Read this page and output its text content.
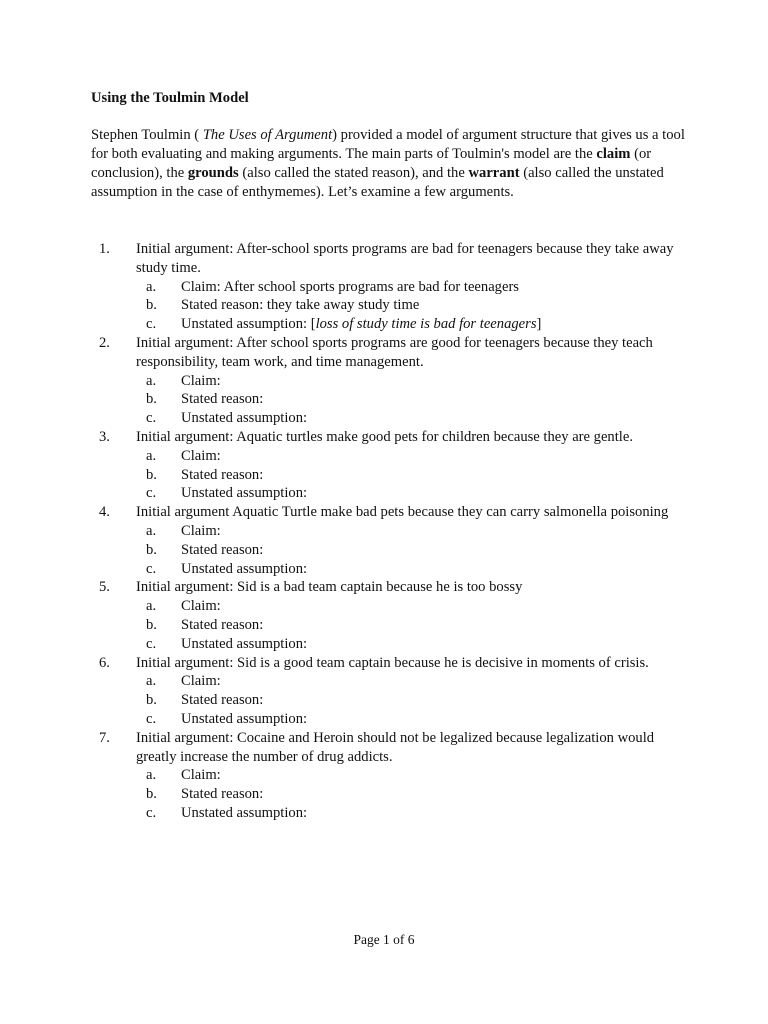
Using the Toulmin Model

Stephen Toulmin ( The Uses of Argument) provided a model of argument structure that gives us a tool for both evaluating and making arguments. The main parts of Toulmin's model are the claim (or conclusion), the grounds (also called the stated reason), and the warrant (also called the unstated assumption in the case of enthymemes). Let’s examine a few arguments.

1. Initial argument: After-school sports programs are bad for teenagers because they take away study time.
a. Claim: After school sports programs are bad for teenagers
b. Stated reason: they take away study time
c. Unstated assumption: [loss of study time is bad for teenagers]
2. Initial argument: After school sports programs are good for teenagers because they teach responsibility, team work, and time management.
a. Claim:
b. Stated reason:
c. Unstated assumption:
3. Initial argument: Aquatic turtles make good pets for children because they are gentle.
a. Claim:
b. Stated reason:
c. Unstated assumption:
4. Initial argument Aquatic Turtle make bad pets because they can carry salmonella poisoning
a. Claim:
b. Stated reason:
c. Unstated assumption:
5. Initial argument: Sid is a bad team captain because he is too bossy
a. Claim:
b. Stated reason:
c. Unstated assumption:
6. Initial argument: Sid is a good team captain because he is decisive in moments of crisis.
a. Claim:
b. Stated reason:
c. Unstated assumption:
7. Initial argument: Cocaine and Heroin should not be legalized because legalization would greatly increase the number of drug addicts.
a. Claim:
b. Stated reason:
c. Unstated assumption:

Page 1 of 6
